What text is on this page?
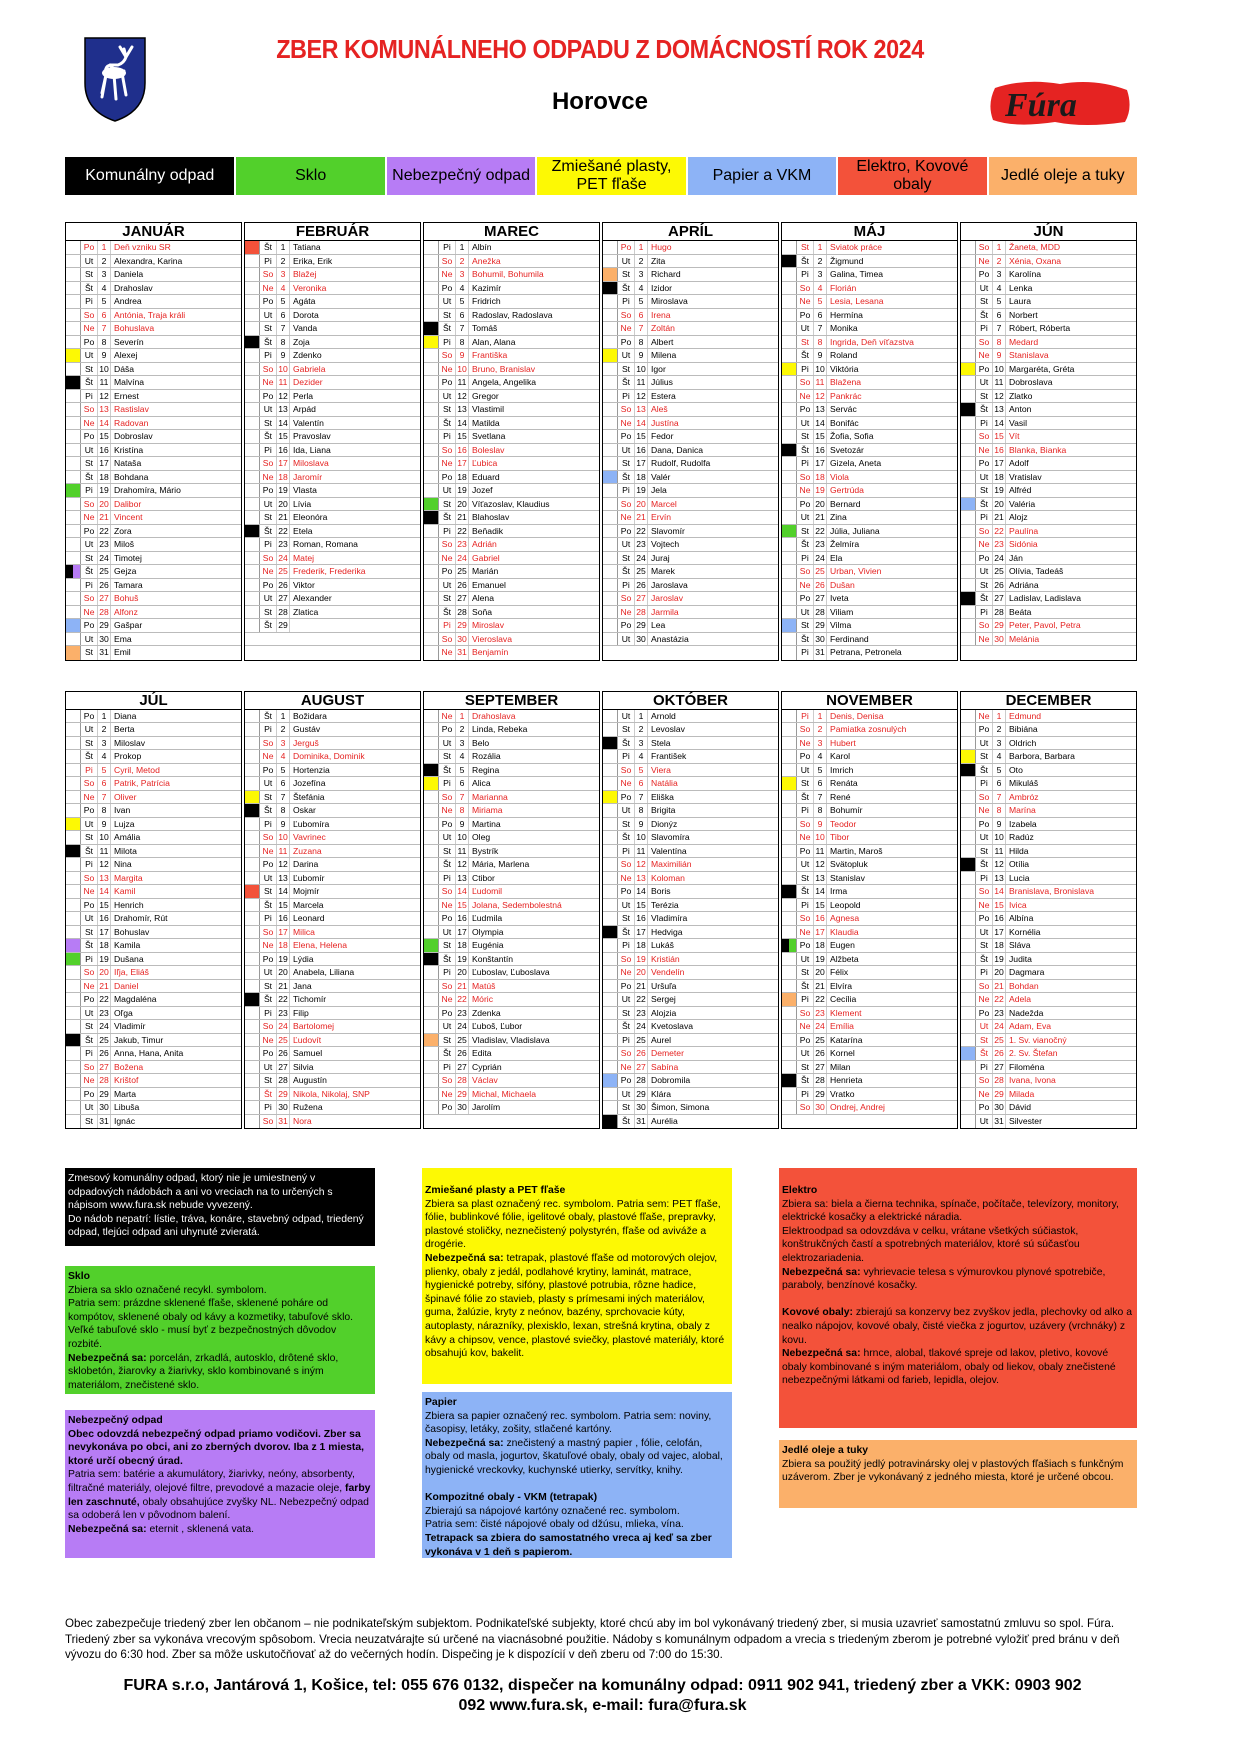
ZBER KOMUNÁLNEHO ODPADU Z DOMÁCNOSTÍ ROK 2024
Horovce	Fúra
Komunálny odpad	Sklo	Nebezpečný odpad
Zmiešané plasty, PET fľaše
Papier a VKM
Elektro, Kovové obaly
Jedlé oleje a tuky
JANUÁR
Po 1 Deň vzniku SR
Ut 2 Alexandra, Karina
St 3 Daniela
Št 4 Drahoslav
Pi	5 Andrea
So 6 Antónia, Traja králi
Ne 7 Bohuslava
Po 8 Severín
Ut 9 Alexej
St 10 Dáša
Št 11 Malvína
Pi 12 Ernest
So 13 Rastislav
Ne 14 Radovan
Po 15 Dobroslav
Ut 16 Kristína
St 17 Nataša
Št 18 Bohdana
Pi 19 Drahomíra, Mário
So 20 Dalibor
Ne 21 Vincent
Po 22 Zora
Ut 23 Miloš
St 24 Timotej
Št 25 Gejza
Pi 26 Tamara
So 27 Bohuš
Ne 28 Alfonz
Po 29 Gašpar
Ut 30 Ema
St 31 Emil
FEBRUÁR
Št 1 Tatiana
Pi	2 Erika, Erik
So 3 Blažej
Ne 4 Veronika
Po 5 Agáta
Ut 6 Dorota
St 7 Vanda
Št 8 Zoja
Pi	9 Zdenko
So 10 Gabriela
Ne 11 Dezider
Po 12 Perla
Ut 13 Arpád
St 14 Valentín
Št 15 Pravoslav
Pi 16 Ida, Liana
So 17 Miloslava
Ne 18 Jaromír
Po 19 Vlasta
Ut 20 Lívia
St 21 Eleonóra
Št 22 Etela
Pi 23 Roman, Romana
So 24 Matej
Ne 25 Frederik, Frederika
Po 26 Viktor
Ut 27 Alexander
St 28 Zlatica
Št 29
MAREC
Pi	1 Albín
So 2 Anežka
Ne 3 Bohumil, Bohumila
Po 4 Kazimír
Ut 5 Fridrich
St 6 Radoslav, Radoslava
Št 7 Tomáš
Pi	8 Alan, Alana
So 9 Františka
Ne 10 Bruno, Branislav
Po 11 Angela, Angelika
Ut 12 Gregor
St 13 Vlastimil
Št 14 Matilda
Pi 15 Svetlana
So 16 Boleslav
Ne 17 Ľubica
Po 18 Eduard
Ut 19 Jozef
St 20 Víťazoslav, Klaudius
Št 21 Blahoslav
Pi 22 Beňadik
So 23 Adrián
Ne 24 Gabriel
Po 25 Marián
Ut 26 Emanuel
St 27 Alena
Št 28 Soňa
Pi 29 Miroslav
So 30 Vieroslava
Ne 31 Benjamín
APRÍL
Po 1 Hugo
Ut 2 Zita
St 3 Richard
Št 4 Izidor
Pi	5 Miroslava
So 6 Irena
Ne 7 Zoltán
Po 8 Albert
Ut 9 Milena
St 10 Igor
Št 11 Július
Pi 12 Estera
So 13 Aleš
Ne 14 Justína
Po 15 Fedor
Ut 16 Dana, Danica
St 17 Rudolf, Rudolfa
Št 18 Valér
Pi 19 Jela
So 20 Marcel
Ne 21 Ervín
Po 22 Slavomír
Ut 23 Vojtech
St 24 Juraj
Št 25 Marek
Pi 26 Jaroslava
So 27 Jaroslav
Ne 28 Jarmila
Po 29 Lea
Ut 30 Anastázia
MÁJ
St 1 Sviatok práce
Št 2 Žigmund
Pi	3 Galina, Timea
So 4 Florián
Ne 5 Lesia, Lesana
Po 6 Hermína
Ut 7 Monika
St 8 Ingrida, Deň víťazstva
Št 9 Roland
Pi 10 Viktória
So 11 Blažena
Ne 12 Pankrác
Po 13 Servác
Ut 14 Bonifác
St 15 Žofia, Sofia
Št 16 Svetozár
Pi 17 Gizela, Aneta
So 18 Viola
Ne 19 Gertrúda
Po 20 Bernard
Ut 21 Zina
St 22 Júlia, Juliana
Št 23 Želmíra
Pi 24 Ela
So 25 Urban, Vivien
Ne 26 Dušan
Po 27 Iveta
Ut 28 Viliam
St 29 Vilma
Št 30 Ferdinand
Pi 31 Petrana, Petronela
JÚN
So 1 Žaneta, MDD
Ne 2 Xénia, Oxana
Po 3 Karolína
Ut 4 Lenka
St 5 Laura
Št 6 Norbert
Pi	7 Róbert, Róberta
So 8 Medard
Ne 9 Stanislava
Po 10 Margaréta, Gréta
Ut 11 Dobroslava
St 12 Zlatko
Št 13 Anton
Pi 14 Vasil
So 15 Vít
Ne 16 Blanka, Bianka
Po 17 Adolf
Ut 18 Vratislav
St 19 Alfréd
Št 20 Valéria
Pi 21 Alojz
So 22 Paulína
Ne 23 Sidónia
Po 24 Ján
Ut 25 Olívia, Tadeáš
St 26 Adriána
Št 27 Ladislav, Ladislava
Pi 28 Beáta
So 29 Peter, Pavol, Petra
Ne 30 Melánia
JÚL
Po 1 Diana
Ut 2 Berta
St 3 Miloslav
Št 4 Prokop
Pi	5 Cyril, Metod
So 6 Patrik, Patrícia
Ne 7 Oliver
Po 8 Ivan
Ut 9 Lujza
St 10 Amália
Št 11 Milota
Pi 12 Nina
So 13 Margita
Ne 14 Kamil
Po 15 Henrich
Ut 16 Drahomír, Rút
St 17 Bohuslav
Št 18 Kamila
Pi 19 Dušana
So 20 Iľja, Eliáš
Ne 21 Daniel
Po 22 Magdaléna
Ut 23 Oľga
St 24 Vladimír
Št 25 Jakub, Timur
Pi 26 Anna, Hana, Anita
So 27 Božena
Ne 28 Krištof
Po 29 Marta
Ut 30 Libuša
St 31 Ignác
AUGUST
Št 1 Božidara
Pi	2 Gustáv
So 3 Jerguš
Ne 4 Dominika, Dominik
Po 5 Hortenzia
Ut 6 Jozefína
St 7 Štefánia
Št 8 Oskar
Pi	9 Ľubomíra
So 10 Vavrinec
Ne 11 Zuzana
Po 12 Darina
Ut 13 Ľubomír
St 14 Mojmír
Št 15 Marcela
Pi 16 Leonard
So 17 Milica
Ne 18 Elena, Helena
Po 19 Lýdia
Ut 20 Anabela, Liliana
St 21 Jana
Št 22 Tichomír
Pi 23 Filip
So 24 Bartolomej
Ne 25 Ľudovít
Po 26 Samuel
Ut 27 Silvia
St 28 Augustín
Št 29 Nikola, Nikolaj, SNP
Pi 30 Ružena
So 31 Nora
SEPTEMBER
Ne 1 Drahoslava
Po 2 Linda, Rebeka
Ut 3 Belo
St 4 Rozália
Št 5 Regina
Pi	6 Alica
So 7 Marianna
Ne 8 Miriama
Po 9 Martina
Ut 10 Oleg
St 11 Bystrík
Št 12 Mária, Marlena
Pi 13 Ctibor
So 14 Ľudomil
Ne 15 Jolana, Sedembolestná
Po 16 Ľudmila
Ut 17 Olympia
St 18 Eugénia
Št 19 Konštantín
Pi 20 Ľuboslav, Ľuboslava
So 21 Matúš
Ne 22 Móric
Po 23 Zdenka
Ut 24 Ľuboš, Ľubor
St 25 Vladislav, Vladislava
Št 26 Edita
Pi 27 Cyprián
So 28 Václav
Ne 29 Michal, Michaela
Po 30 Jarolím
OKTÓBER
Ut 1 Arnold
St 2 Levoslav
Št 3 Stela
Pi	4 František
So 5 Viera
Ne 6 Natália
Po 7 Eliška
Ut 8 Brigita
St 9 Dionýz
Št 10 Slavomíra
Pi 11 Valentína
So 12 Maximilián
Ne 13 Koloman
Po 14 Boris
Ut 15 Terézia
St 16 Vladimíra
Št 17 Hedviga
Pi 18 Lukáš
So 19 Kristián
Ne 20 Vendelín
Po 21 Uršuľa
Ut 22 Sergej
St 23 Alojzia
Št 24 Kvetoslava
Pi 25 Aurel
So 26 Demeter
Ne 27 Sabína
Po 28 Dobromila
Ut 29 Klára
St 30 Šimon, Simona
Št 31 Aurélia
NOVEMBER
Pi	1 Denis, Denisa
So 2 Pamiatka zosnulých
Ne 3 Hubert
Po 4 Karol
Ut 5 Imrich
St 6 Renáta
Št 7 René
Pi	8 Bohumír
So 9 Teodor
Ne 10 Tibor
Po 11 Martin, Maroš
Ut 12 Svätopluk
St 13 Stanislav
Št 14 Irma
Pi 15 Leopold
So 16 Agnesa
Ne 17 Klaudia
Po 18 Eugen
Ut 19 Alžbeta
St 20 Félix
Št 21 Elvíra
Pi 22 Cecília
So 23 Klement
Ne 24 Emília
Po 25 Katarína
Ut 26 Kornel
St 27 Milan
Št 28 Henrieta
Pi 29 Vratko
So 30 Ondrej, Andrej
DECEMBER
Ne 1 Edmund
Po 2 Bibiána
Ut 3 Oldrich
St 4 Barbora, Barbara
Št 5 Oto
Pi	6 Mikuláš
So 7 Ambróz
Ne 8 Marína
Po 9 Izabela
Ut 10 Radúz
St 11 Hilda
Št 12 Otília
Pi 13 Lucia
So 14 Branislava, Bronislava
Ne 15 Ivica
Po 16 Albína
Ut 17 Kornélia
St 18 Sláva
Št 19 Judita
Pi 20 Dagmara
So 21 Bohdan
Ne 22 Adela
Po 23 Nadežda
Ut 24 Adam, Eva
St 25 1. Sv. vianočný
Št 26 2. Sv. Štefan
Pi 27 Filoména
So 28 Ivana, Ivona
Ne 29 Milada
Po 30 Dávid
Ut 31 Silvester
Zmesový komunálny odpad, ktorý nie je umiestnený v odpadových nádobách a ani vo vreciach na to určených s nápisom www.fura.sk nebude vyvezený.
Do nádob nepatrí: lístie, tráva, konáre, stavebný odpad, triedený odpad, tlejúci odpad ani uhynuté zvieratá.
Sklo
Zbiera sa sklo označené recykl. symbolom.
Patria sem: prázdne sklenené fľaše, sklenené poháre od kompótov, sklenené obaly od kávy a kozmetiky, tabuľové sklo. Veľké tabuľové sklo - musí byť z bezpečnostných dôvodov rozbité.
Nebezpečná sa: porcelán, zrkadlá, autosklo, drôtené sklo, sklobetón, žiarovky a žiarivky, sklo kombinované s iným materiálom, znečistené sklo.
Nebezpečný odpad
Obec odovzdá nebezpečný odpad priamo vodičovi. Zber sa nevykonáva po obci, ani zo zberných dvorov. Iba z 1 miesta, ktoré určí obecný úrad.
Patria sem: batérie a akumulátory, žiarivky, neóny, absorbenty, filtračné materiály, olejové filtre, prevodové a mazacie oleje, farby len zaschnuté, obaly obsahujúce zvyšky NL. Nebezpečný odpad sa odoberá len v pôvodnom balení.
Nebezpečná sa: eternit , sklenená vata.
Zmiešané plasty a PET fľaše
Zbiera sa plast označený rec. symbolom. Patria sem: PET fľaše, fólie, bublinkové fólie, igelitové obaly, plastové fľaše, prepravky, plastové stoličky, neznečistený polystyrén, fľaše od aviváže a drogérie.
Nebezpečná sa: tetrapak, plastové fľaše od motorových olejov, plienky, obaly z jedál, podlahové krytiny, laminát, matrace, hygienické potreby, sifóny, plastové potrubia, rôzne hadice, špinavé fólie zo stavieb, plasty s prímesami iných materiálov, guma, žalúzie, kryty z neónov, bazény, sprchovacie kúty, autoplasty, nárazníky, plexisklo, lexan, strešná krytina, obaly z kávy a chipsov, vence, plastové sviečky, plastové materiály, ktoré obsahujú kov, bakelit.
Papier
Zbiera sa papier označený rec. symbolom. Patria sem: noviny, časopisy, letáky, zošity, stlačené kartóny.
Nebezpečná sa: znečistený a mastný papier , fólie, celofán, obaly od masla, jogurtov, škatuľové obaly, obaly od vajec, alobal, hygienické vreckovky, kuchynské utierky, servítky, knihy.

Kompozitné obaly - VKM (tetrapak)
Zbierajú sa nápojové kartóny označené rec. symbolom.
Patria sem: čisté nápojové obaly od džúsu, mlieka, vína.
Tetrapack sa zbiera do samostatného vreca aj keď sa zber vykonáva v 1 deň s papierom.
Elektro
Zbiera sa: biela a čierna technika, spínače, počítače, televízory, monitory, elektrické kosačky a elektrické náradia.
Elektroodpad sa odovzdáva v celku, vrátane všetkých súčiastok, konštrukčných častí a spotrebných materiálov, ktoré sú súčasťou elektrozariadenia.
Nebezpečná sa: vyhrievacie telesa s výmurovkou plynové spotrebiče, paraboly, benzínové kosačky.

Kovové obaly: zbierajú sa konzervy bez zvyškov jedla, plechovky od alko a nealko nápojov, kovové obaly, čisté viečka z jogurtov, uzávery (vrchnáky) z kovu.
Nebezpečná sa: hrnce, alobal, tlakové spreje od lakov, pletivo, kovové obaly kombinované s iným materiálom, obaly od liekov, obaly znečistené nebezpečnými látkami od farieb, lepidla, olejov.
Jedlé oleje a tuky
Zbiera sa použitý jedlý potravinársky olej v plastových fľašiach s funkčným uzáverom. Zber je vykonávaný z jedného miesta, ktoré je určené obcou.
Obec zabezpečuje triedený zber len občanom – nie podnikateľským subjektom. Podnikateľské subjekty, ktoré chcú aby im bol vykonávaný triedený zber, si musia uzavrieť samostatnú zmluvu so spol. Fúra. Triedený zber sa vykonáva vrecovým spôsobom. Vrecia neuzatvárajte sú určené na viacnásobné použitie. Nádoby s komunálnym odpadom a vrecia s triedeným zberom je potrebné vyložiť pred bránu v deň vývozu do 6:30 hod. Zber sa môže uskutočňovať až do večerných hodín. Dispečing je k dispozícií v deň zberu od 7:00 do 15:30.
FURA s.r.o, Jantárová 1, Košice, tel: 055 676 0132, dispečer na komunálny odpad: 0911 902 941, triedený zber a VKK: 0903 902
092 www.fura.sk, e-mail: fura@fura.sk
